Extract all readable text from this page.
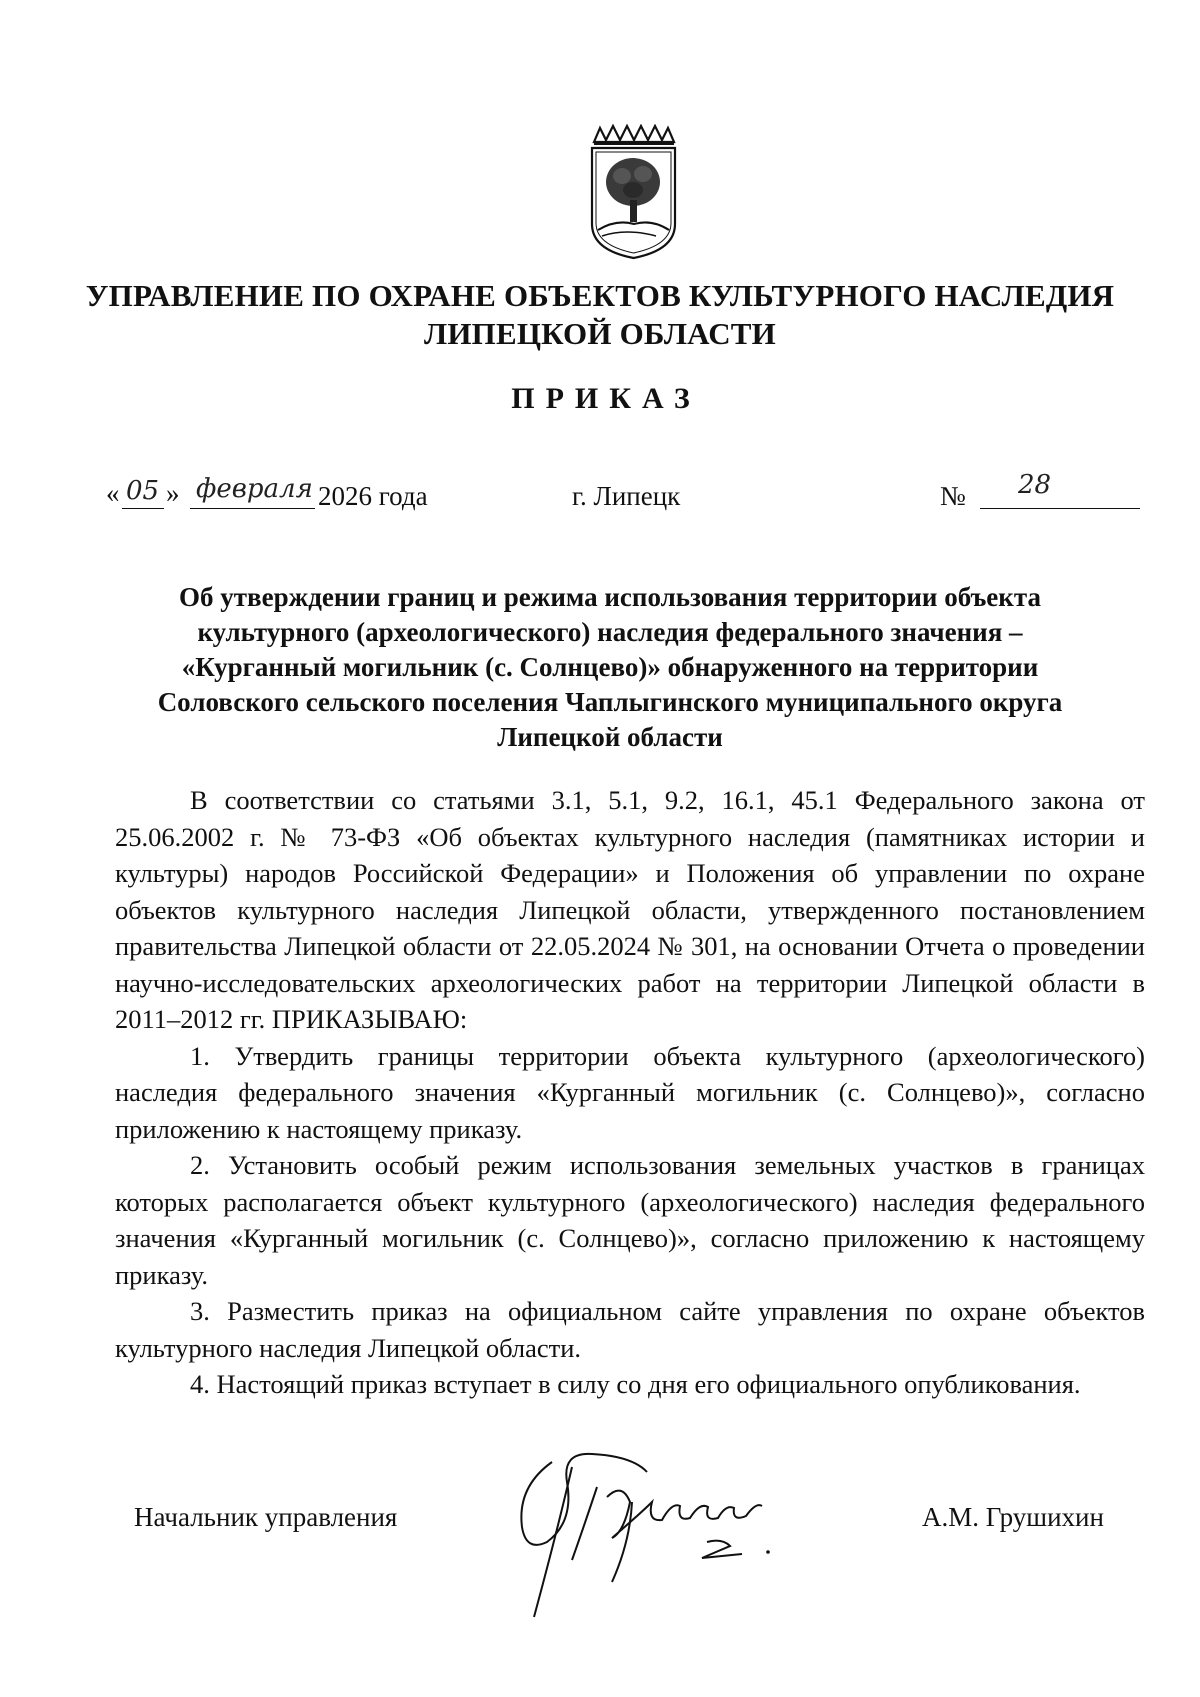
УПРАВЛЕНИЕ ПО ОХРАНЕ ОБЪЕКТОВ КУЛЬТУРНОГО НАСЛЕДИЯ
ЛИПЕЦКОЙ ОБЛАСТИ
ПРИКАЗ
« 05 » февраля 2026 года	г. Липецк	№ 28
Об утверждении границ и режима использования территории объекта
культурного (археологического) наследия федерального значения –
«Курганный могильник (с. Солнцево)» обнаруженного на территории
Соловского сельского поселения Чаплыгинского муниципального округа
Липецкой области

В соответствии со статьями 3.1, 5.1, 9.2, 16.1, 45.1 Федерального закона от 25.06.2002 г. № 73-ФЗ «Об объектах культурного наследия (памятниках истории и культуры) народов Российской Федерации» и Положения об управлении по охране объектов культурного наследия Липецкой области, утвержденного постановлением правительства Липецкой области от 22.05.2024 № 301, на основании Отчета о проведении научно-исследовательских археологических работ на территории Липецкой области в 2011–2012 гг. ПРИКАЗЫВАЮ:

1. Утвердить границы территории объекта культурного (археологического) наследия федерального значения «Курганный могильник (с. Солнцево)», согласно приложению к настоящему приказу.

2. Установить особый режим использования земельных участков в границах которых располагается объект культурного (археологического) наследия федерального значения «Курганный могильник (с. Солнцево)», согласно приложению к настоящему приказу.

3. Разместить приказ на официальном сайте управления по охране объектов культурного наследия Липецкой области.

4. Настоящий приказ вступает в силу со дня его официального опубликования.

Начальник управления	А.М. Грушихин
